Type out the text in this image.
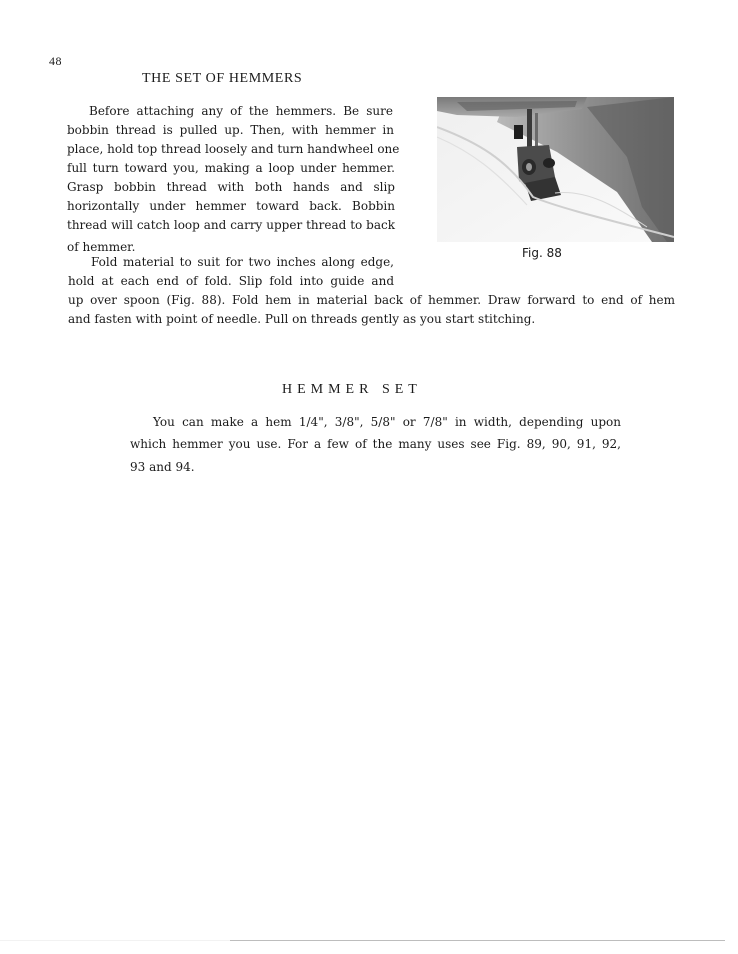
48
THE SET OF HEMMERS
Before attaching any of the hemmers. Be sure
bobbin thread is pulled up. Then, with hemmer in
place, hold top thread loosely and turn handwheel one
full turn toward you, making a loop under hemmer.
Grasp bobbin thread with both hands and slip
horizontally under hemmer toward back. Bobbin
thread will catch loop and carry upper thread to back
of hemmer.
Fold material to suit for two inches along edge,
hold at each end of fold. Slip fold into guide and
up over spoon (Fig. 88). Fold hem in material back of hemmer. Draw forward to end of hem
and fasten with point of needle. Pull on threads gently as you start stitching.
Fig. 88
HEMMER SET
You can make a hem 1/4", 3/8", 5/8" or 7/8" in width, depending upon
which hemmer you use. For a few of the many uses see Fig. 89, 90, 91, 92,
93 and 94.
